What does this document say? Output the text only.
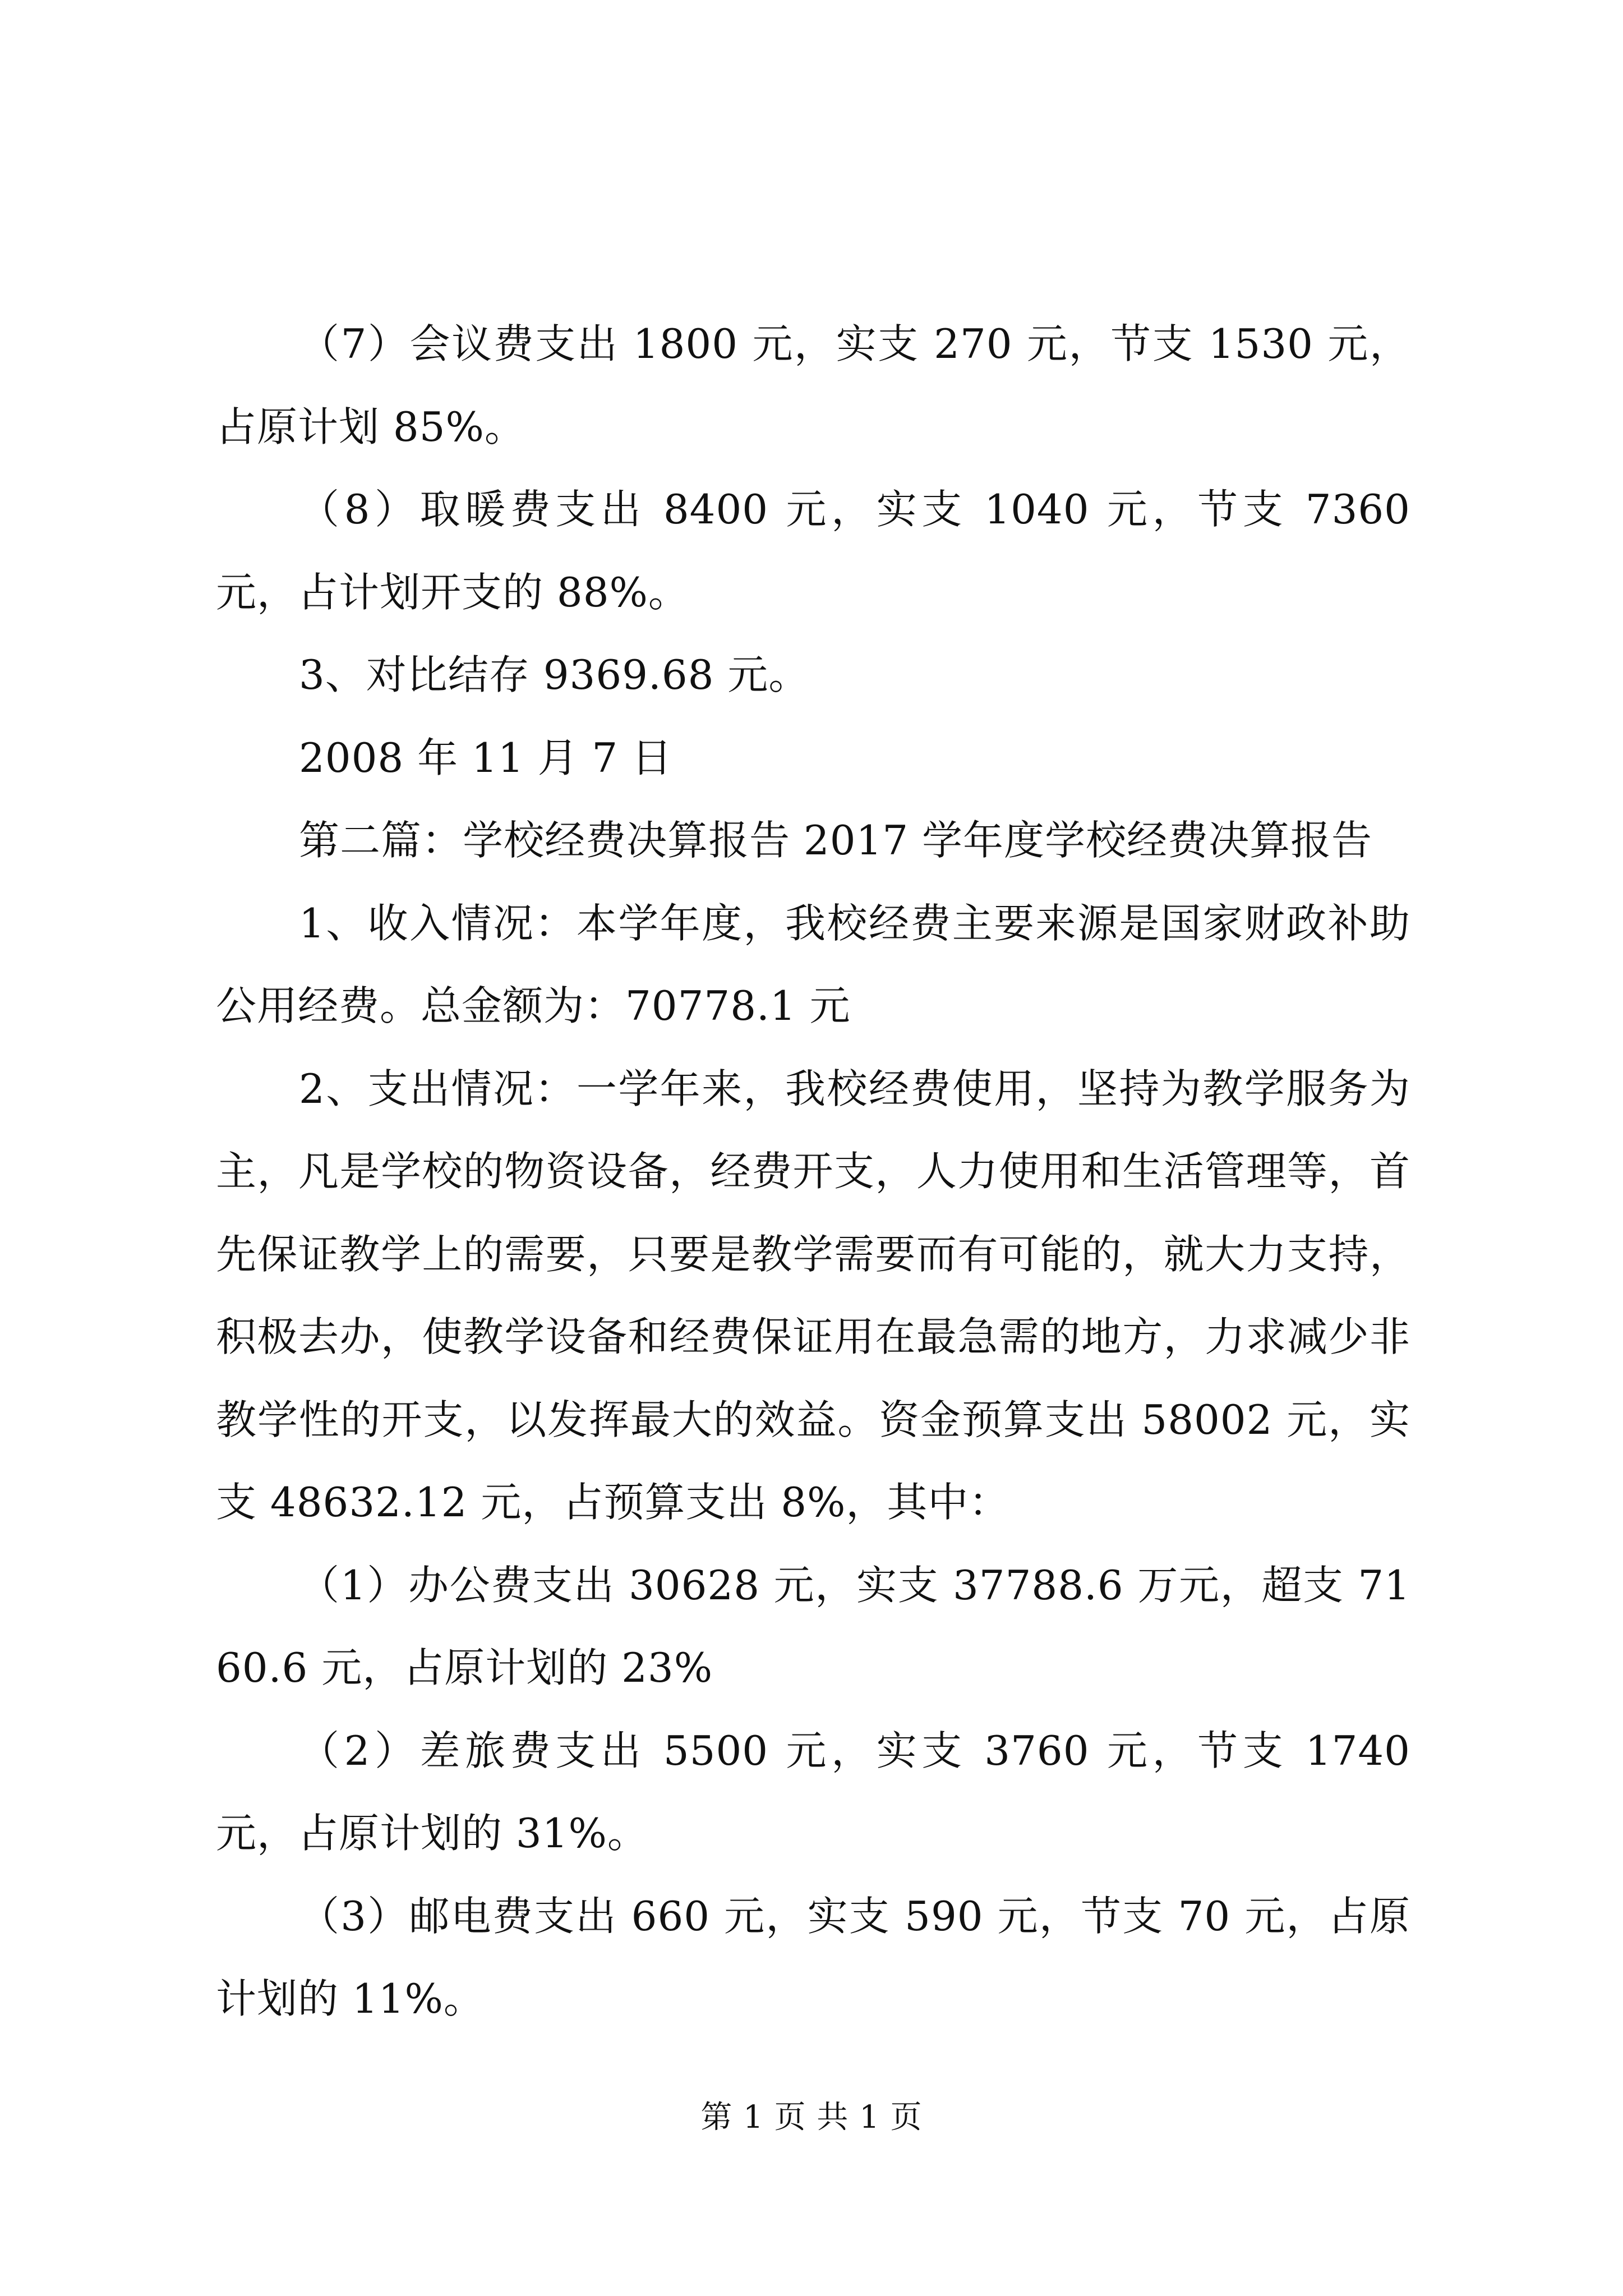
（7）会议费支出 1800 元，实支 270 元，节支 1530 元，占原计划 85%。

（8）取暖费支出 8400 元，实支 1040 元，节支 7360 元，占计划开支的 88%。

3、对比结存 9369.68 元。

2008 年 11 月 7 日

第二篇：学校经费决算报告 2017 学年度学校经费决算报告

1、收入情况：本学年度，我校经费主要来源是国家财政补助公用经费。总金额为：70778.1 元

2、支出情况：一学年来，我校经费使用，坚持为教学服务为主，凡是学校的物资设备，经费开支，人力使用和生活管理等，首先保证教学上的需要，只要是教学需要而有可能的，就大力支持，积极去办，使教学设备和经费保证用在最急需的地方，力求减少非教学性的开支，以发挥最大的效益。资金预算支出 58002 元，实支 48632.12 元，占预算支出 8%，其中：

（1）办公费支出 30628 元，实支 37788.6 万元，超支 7160.6 元，占原计划的 23%

（2）差旅费支出 5500 元，实支 3760 元，节支 1740 元，占原计划的 31%。

（3）邮电费支出 660 元，实支 590 元，节支 70 元，占原计划的 11%。

第 1 页 共 1 页
